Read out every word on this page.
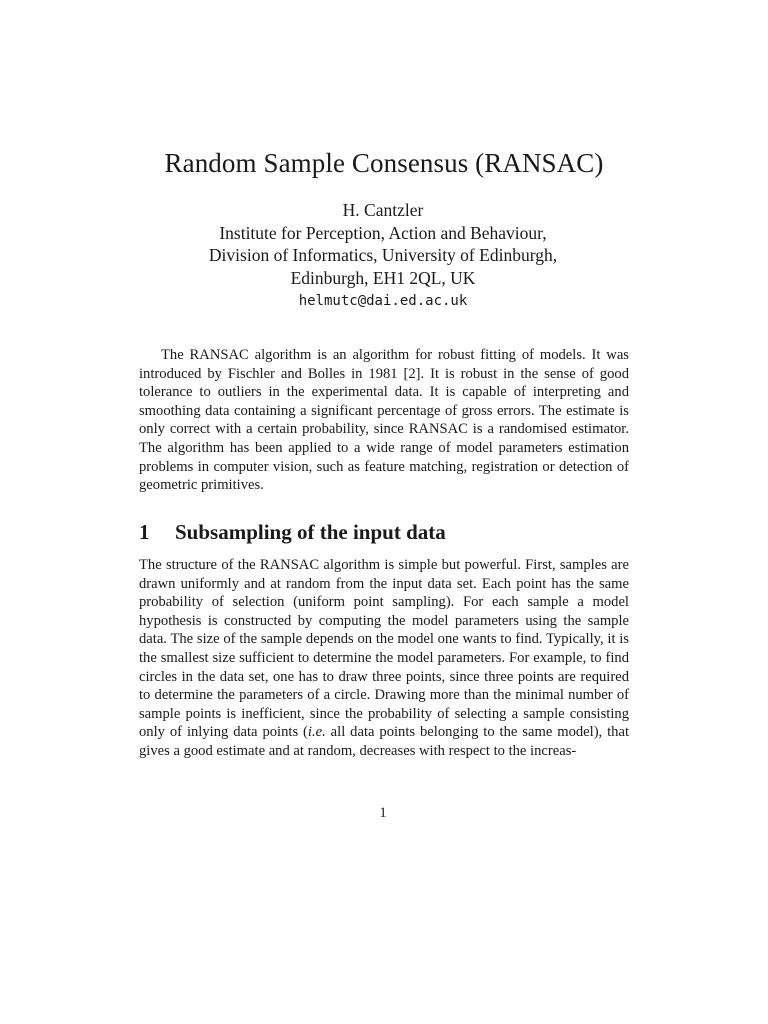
Random Sample Consensus (RANSAC)
H. Cantzler
Institute for Perception, Action and Behaviour,
Division of Informatics, University of Edinburgh,
Edinburgh, EH1 2QL, UK
helmutc@dai.ed.ac.uk

The RANSAC algorithm is an algorithm for robust fitting of models. It was introduced by Fischler and Bolles in 1981 [2]. It is robust in the sense of good tolerance to outliers in the experimental data. It is capable of interpreting and smoothing data containing a significant percentage of gross errors. The estimate is only correct with a certain probability, since RANSAC is a randomised estimator. The algorithm has been applied to a wide range of model parameters estimation problems in computer vision, such as feature matching, registration or detection of geometric primitives.

1 Subsampling of the input data

The structure of the RANSAC algorithm is simple but powerful. First, samples are drawn uniformly and at random from the input data set. Each point has the same probability of selection (uniform point sampling). For each sample a model hypothesis is constructed by computing the model parameters using the sample data. The size of the sample depends on the model one wants to find. Typically, it is the smallest size sufficient to determine the model parameters. For example, to find circles in the data set, one has to draw three points, since three points are required to determine the parameters of a circle. Drawing more than the minimal number of sample points is inefficient, since the probability of selecting a sample consisting only of inlying data points (i.e. all data points belonging to the same model), that gives a good estimate and at random, decreases with respect to the increas-

1
